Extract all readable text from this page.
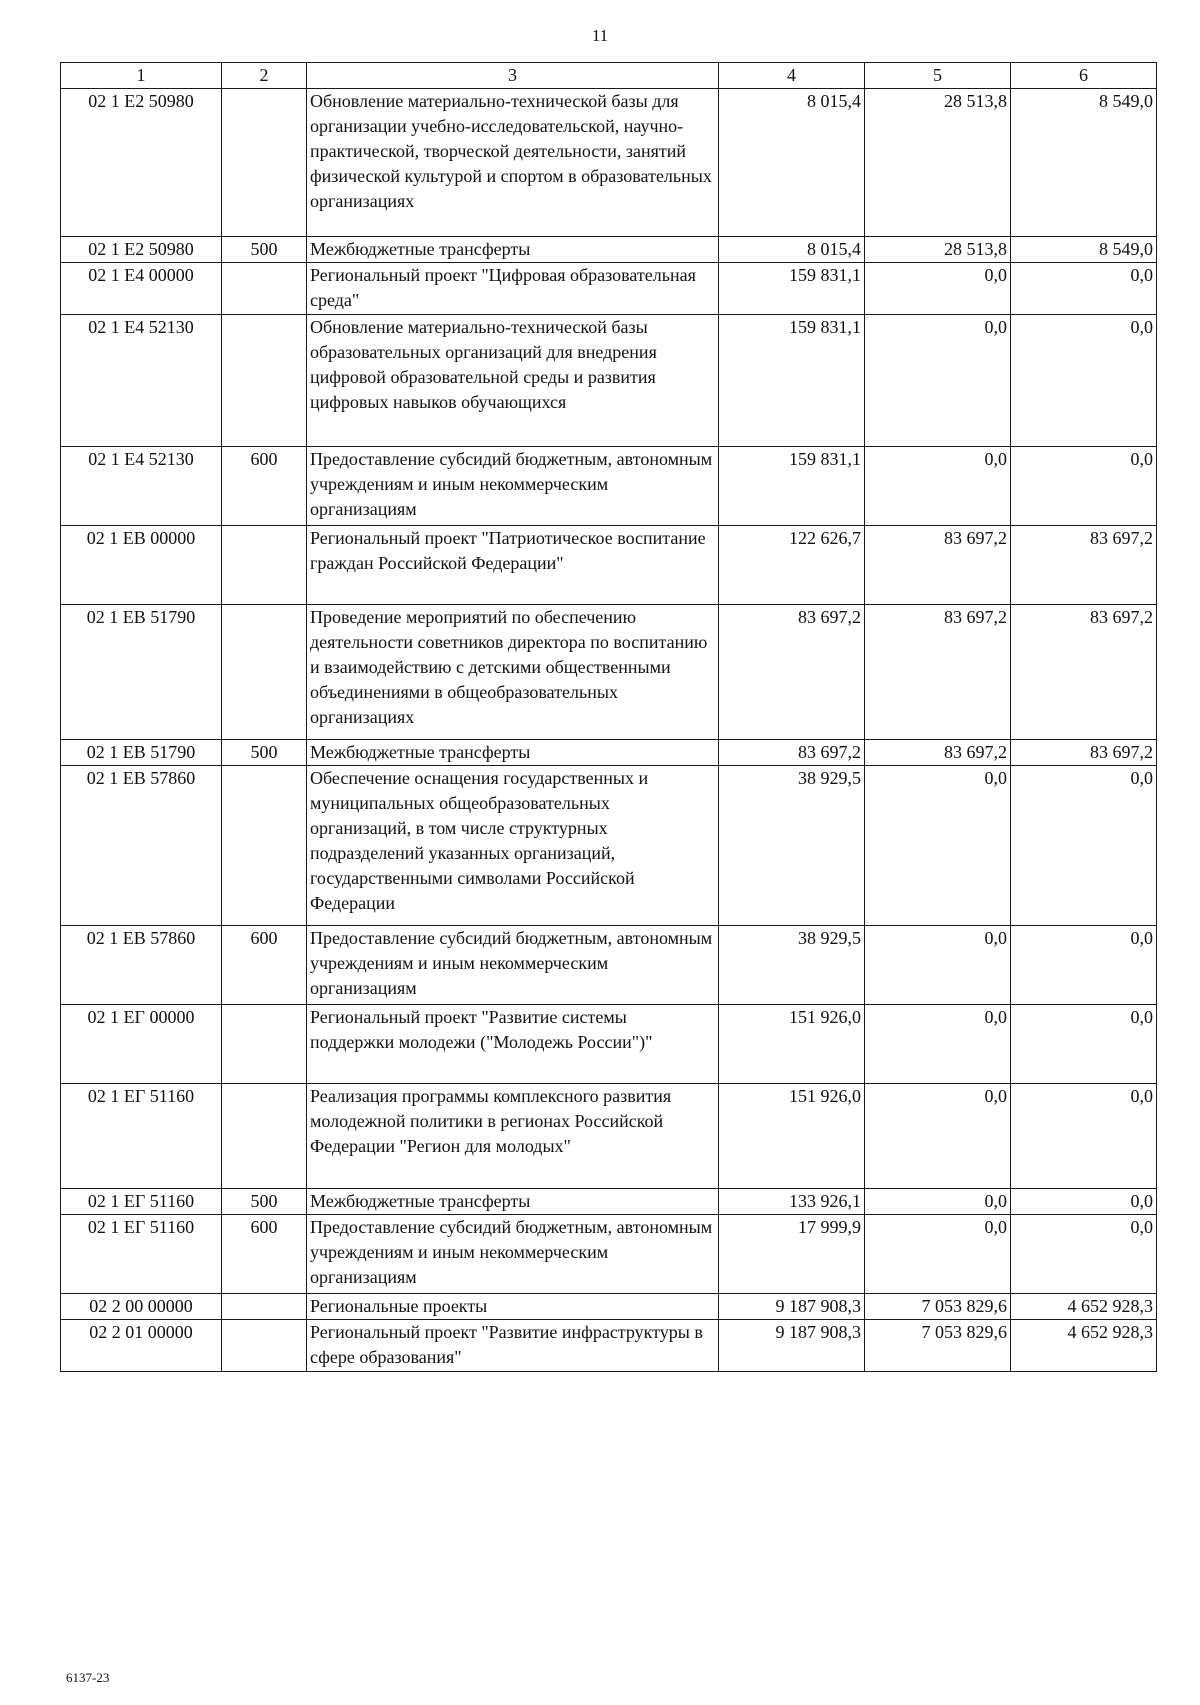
11
1	2	3	4	5	6
02 1 E2 50980		Обновление материально-технической базы для организации учебно-исследовательской, научно-практической, творческой деятельности, занятий физической культурой и спортом в образовательных организациях	8 015,4	28 513,8	8 549,0
02 1 E2 50980	500	Межбюджетные трансферты	8 015,4	28 513,8	8 549,0
02 1 E4 00000		Региональный проект "Цифровая образовательная среда"	159 831,1	0,0	0,0
02 1 E4 52130		Обновление материально-технической базы образовательных организаций для внедрения цифровой образовательной среды и развития цифровых навыков обучающихся	159 831,1	0,0	0,0
02 1 E4 52130	600	Предоставление субсидий бюджетным, автономным учреждениям и иным некоммерческим организациям	159 831,1	0,0	0,0
02 1 EB 00000		Региональный проект "Патриотическое воспитание граждан Российской Федерации"	122 626,7	83 697,2	83 697,2
02 1 EB 51790		Проведение мероприятий по обеспечению деятельности советников директора по воспитанию и взаимодействию с детскими общественными объединениями в общеобразовательных организациях	83 697,2	83 697,2	83 697,2
02 1 EB 51790	500	Межбюджетные трансферты	83 697,2	83 697,2	83 697,2
02 1 EB 57860		Обеспечение оснащения государственных и муниципальных общеобразовательных организаций, в том числе структурных подразделений указанных организаций, государственными символами Российской Федерации	38 929,5	0,0	0,0
02 1 EB 57860	600	Предоставление субсидий бюджетным, автономным учреждениям и иным некоммерческим организациям	38 929,5	0,0	0,0
02 1 EГ 00000		Региональный проект "Развитие системы поддержки молодежи ("Молодежь России")"	151 926,0	0,0	0,0
02 1 EГ 51160		Реализация программы комплексного развития молодежной политики в регионах Российской Федерации "Регион для молодых"	151 926,0	0,0	0,0
02 1 EГ 51160	500	Межбюджетные трансферты	133 926,1	0,0	0,0
02 1 EГ 51160	600	Предоставление субсидий бюджетным, автономным учреждениям и иным некоммерческим организациям	17 999,9	0,0	0,0
02 2 00 00000		Региональные проекты	9 187 908,3	7 053 829,6	4 652 928,3
02 2 01 00000		Региональный проект "Развитие инфраструктуры в сфере образования"	9 187 908,3	7 053 829,6	4 652 928,3
6137-23
